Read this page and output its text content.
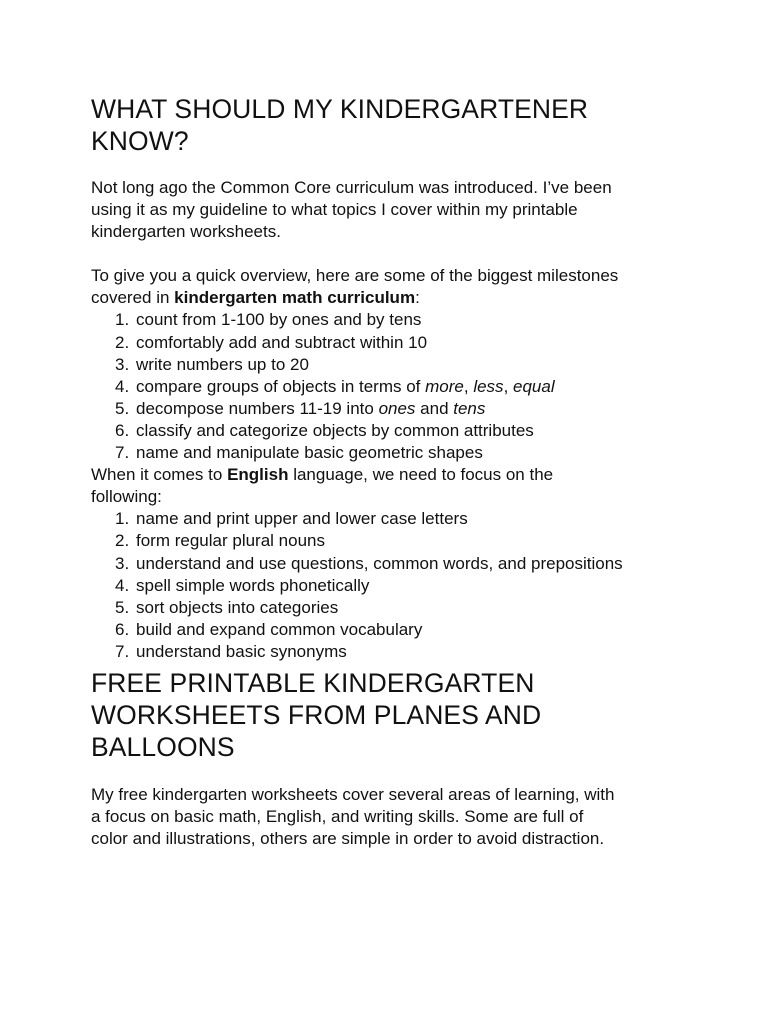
WHAT SHOULD MY KINDERGARTENER
KNOW?

Not long ago the Common Core curriculum was introduced. I’ve been
using it as my guideline to what topics I cover within my printable
kindergarten worksheets.

To give you a quick overview, here are some of the biggest milestones
covered in kindergarten math curriculum:

1. count from 1-100 by ones and by tens
2. comfortably add and subtract within 10
3. write numbers up to 20
4. compare groups of objects in terms of more, less, equal
5. decompose numbers 11-19 into ones and tens
6. classify and categorize objects by common attributes
7. name and manipulate basic geometric shapes

When it comes to English language, we need to focus on the
following:

1. name and print upper and lower case letters
2. form regular plural nouns
3. understand and use questions, common words, and prepositions
4. spell simple words phonetically
5. sort objects into categories
6. build and expand common vocabulary
7. understand basic synonyms
FREE PRINTABLE KINDERGARTEN
WORKSHEETS FROM PLANES AND
BALLOONS

My free kindergarten worksheets cover several areas of learning, with
a focus on basic math, English, and writing skills. Some are full of
color and illustrations, others are simple in order to avoid distraction.
